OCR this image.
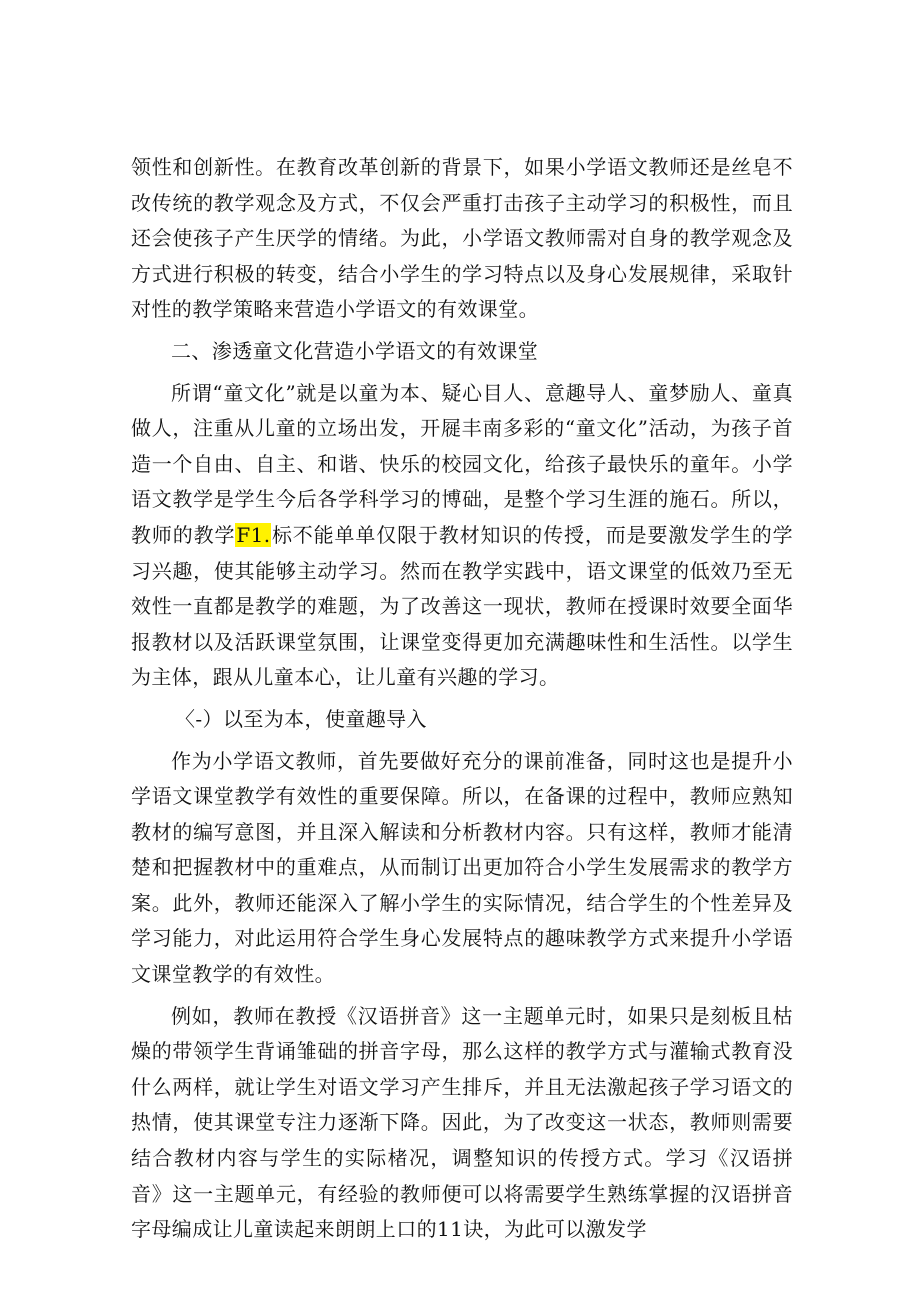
领性和创新性。在教育改革创新的背景下，如果小学语文教师还是丝皂不改传统的教学观念及方式，不仅会严重打击孩子主动学习的积极性，而且还会使孩子产生厌学的情绪。为此，小学语文教师需对自身的教学观念及方式进行积极的转变，结合小学生的学习特点以及身心发展规律，采取针对性的教学策略来营造小学语文的有效课堂。

二、渗透童文化营造小学语文的有效课堂

所谓“童文化”就是以童为本、疑心目人、意趣导人、童梦励人、童真做人，注重从儿童的立场出发，开屣丰南多彩的“童文化”活动，为孩子首造一个自由、自主、和谐、快乐的校园文化，给孩子最快乐的童年。小学语文教学是学生今后各学科学习的博础，是整个学习生涯的施石。所以，教师的教学F1.标不能单单仅限于教材知识的传授，而是要激发学生的学习兴趣，使其能够主动学习。然而在教学实践中，语文课堂的低效乃至无效性一直都是教学的难题，为了改善这一现状，教师在授课时效要全面华报教材以及活跃课堂氛围，让课堂变得更加充满趣味性和生活性。以学生为主体，跟从儿童本心，让儿童有兴趣的学习。

〈-）以至为本，使童趣导入

作为小学语文教师，首先要做好充分的课前准备，同时这也是提升小学语文课堂教学有效性的重要保障。所以，在备课的过程中，教师应熟知教材的编写意图，并且深入解读和分析教材内容。只有这样，教师才能清楚和把握教材中的重难点，从而制订出更加符合小学生发展需求的教学方案。此外，教师还能深入了解小学生的实际情况，结合学生的个性差异及学习能力，对此运用符合学生身心发展特点的趣味教学方式来提升小学语文课堂教学的有效性。

例如，教师在教授《汉语拼音》这一主题单元时，如果只是刻板且枯燥的带领学生背诵雏础的拼音字母，那么这样的教学方式与灌输式教育没什么两样，就让学生对语文学习产生排斥，并且无法激起孩子学习语文的热情，使其课堂专注力逐渐下降。因此，为了改变这一状态，教师则需要结合教材内容与学生的实际楮况，调整知识的传授方式。学习《汉语拼音》这一主题单元，有经验的教师便可以将需要学生熟练掌握的汉语拼音字母编成让儿童读起来朗朗上口的11诀，为此可以激发学
